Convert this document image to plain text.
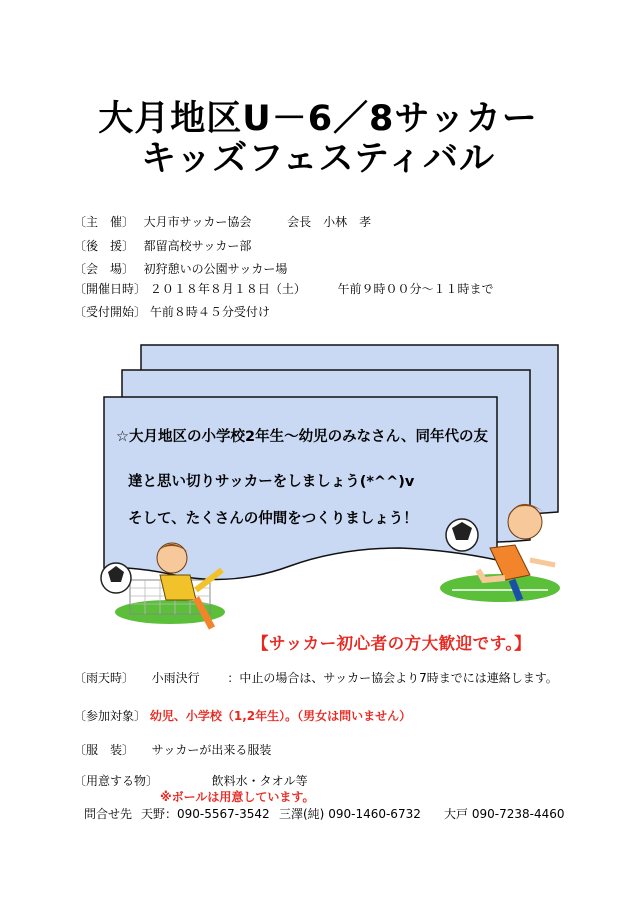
大月地区U－6／8サッカー
キッズフェスティバル
〔主　催〕 大月市サッカー協会	会長　小林　孝
〔後　援〕 都留高校サッカー部
〔会　場〕 初狩憩いの公園サッカー場
〔開催日時〕 ２０１８年８月１８日（土）	午前９時００分～１１時まで
〔受付開始〕 午前８時４５分受付け
☆大月地区の小学校2年生～幼児のみなさん、同年代の友
達と思い切りサッカーをしましょう(*^^)v
そして、たくさんの仲間をつくりましょう！
【サッカー初心者の方大歓迎です。】
〔雨天時〕 小雨決行 ：中止の場合は、サッカー協会より7時までには連絡します。
〔参加対象〕 幼児、小学校（1,2年生）。（男女は問いません）
〔服　装〕 サッカーが出来る服装
〔用意する物〕	飲料水・タオル等
※ボールは用意しています。
問合せ先 天野：090-5567-3542 三澤(純) 090-1460-6732 大戸 090-7238-4460
